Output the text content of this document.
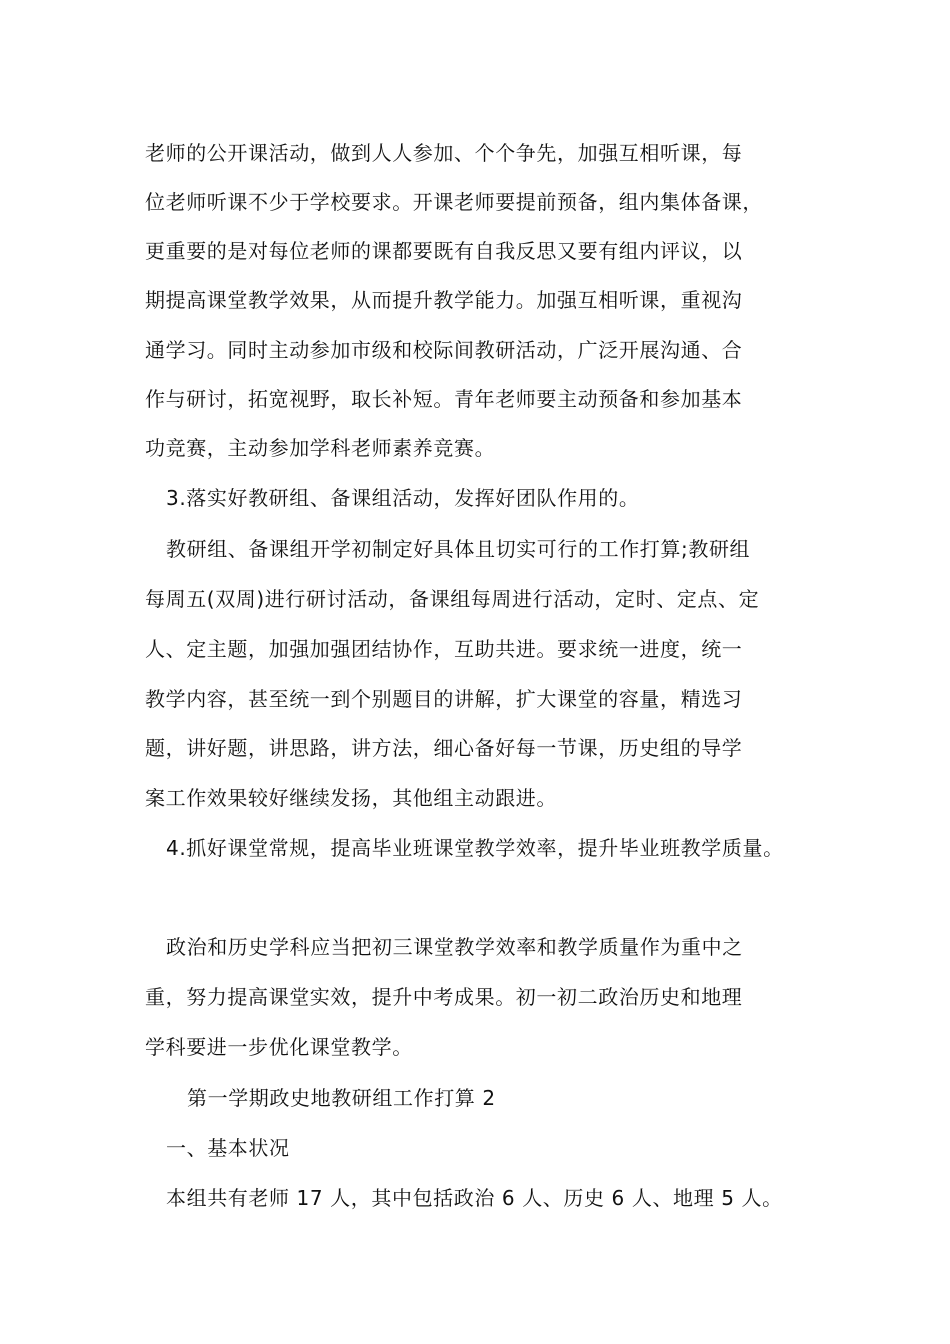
老师的公开课活动，做到人人参加、个个争先，加强互相听课，每
位老师听课不少于学校要求。开课老师要提前预备，组内集体备课，
更重要的是对每位老师的课都要既有自我反思又要有组内评议，以
期提高课堂教学效果，从而提升教学能力。加强互相听课，重视沟
通学习。同时主动参加市级和校际间教研活动，广泛开展沟通、合
作与研讨，拓宽视野，取长补短。青年老师要主动预备和参加基本
功竞赛，主动参加学科老师素养竞赛。
3.落实好教研组、备课组活动，发挥好团队作用的。
教研组、备课组开学初制定好具体且切实可行的工作打算;教研组
每周五(双周)进行研讨活动，备课组每周进行活动，定时、定点、定
人、定主题，加强加强团结协作，互助共进。要求统一进度，统一
教学内容，甚至统一到个别题目的讲解，扩大课堂的容量，精选习
题，讲好题，讲思路，讲方法，细心备好每一节课，历史组的导学
案工作效果较好继续发扬，其他组主动跟进。
4.抓好课堂常规，提高毕业班课堂教学效率，提升毕业班教学质量。
政治和历史学科应当把初三课堂教学效率和教学质量作为重中之
重，努力提高课堂实效，提升中考成果。初一初二政治历史和地理
学科要进一步优化课堂教学。
第一学期政史地教研组工作打算 2
一、基本状况
本组共有老师 17 人，其中包括政治 6 人、历史 6 人、地理 5 人。
